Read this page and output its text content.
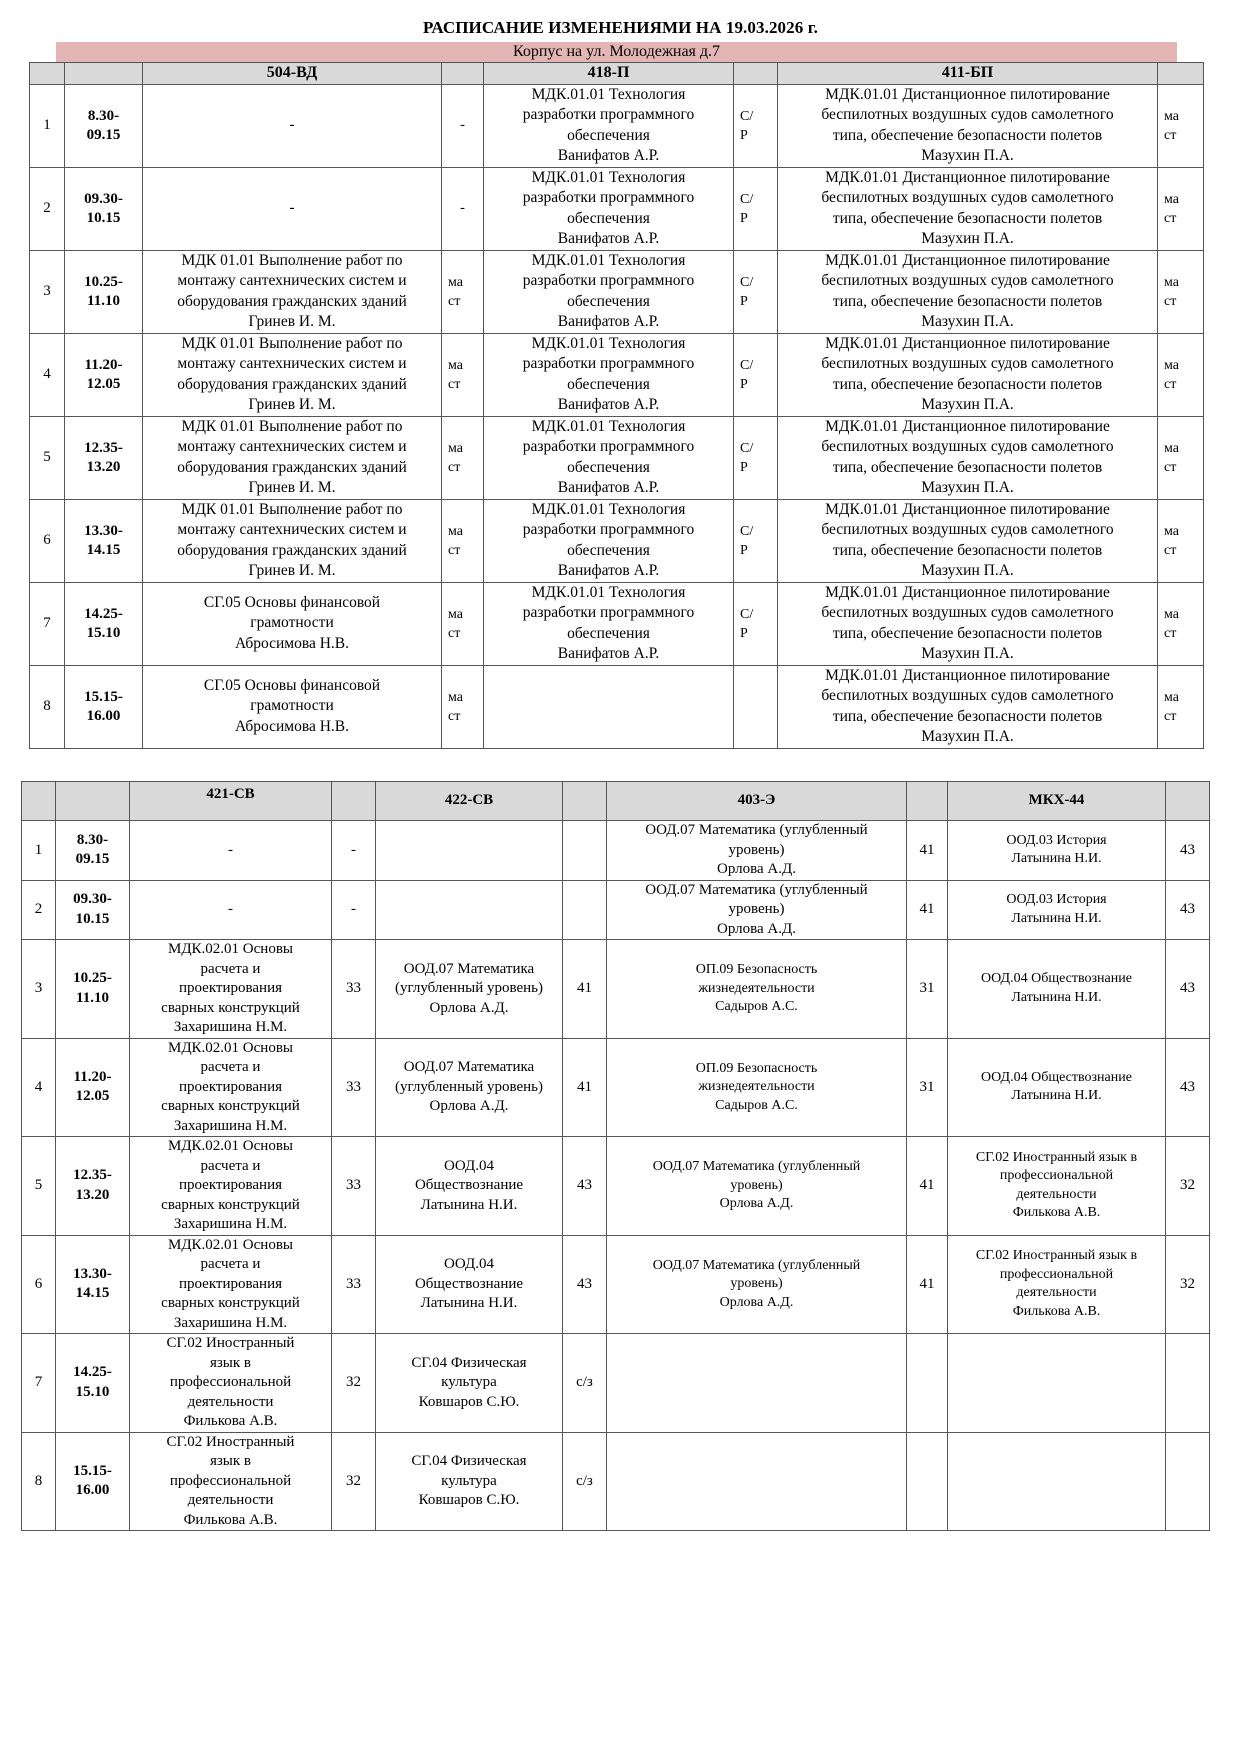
РАСПИСАНИЕ ИЗМЕНЕНИЯМИ НА 19.03.2026 г.
Корпус на ул. Молодежная д.7
		504-ВД		418-П		411-БП	
1	8.30-
09.15	-	-	МДК.01.01 Технология
разработки программного
обеспечения
Ванифатов А.Р.	С/
Р	МДК.01.01 Дистанционное пилотирование
беспилотных воздушных судов самолетного
типа, обеспечение безопасности полетов
Мазухин П.А.	ма
ст
2	09.30-
10.15	-	-	МДК.01.01 Технология
разработки программного
обеспечения
Ванифатов А.Р.	С/
Р	МДК.01.01 Дистанционное пилотирование
беспилотных воздушных судов самолетного
типа, обеспечение безопасности полетов
Мазухин П.А.	ма
ст
3	10.25-
11.10	МДК 01.01 Выполнение работ по
монтажу сантехнических систем и
оборудования гражданских зданий
Гринев И. М.	ма
ст	МДК.01.01 Технология
разработки программного
обеспечения
Ванифатов А.Р.	С/
Р	МДК.01.01 Дистанционное пилотирование
беспилотных воздушных судов самолетного
типа, обеспечение безопасности полетов
Мазухин П.А.	ма
ст
4	11.20-
12.05	МДК 01.01 Выполнение работ по
монтажу сантехнических систем и
оборудования гражданских зданий
Гринев И. М.	ма
ст	МДК.01.01 Технология
разработки программного
обеспечения
Ванифатов А.Р.	С/
Р	МДК.01.01 Дистанционное пилотирование
беспилотных воздушных судов самолетного
типа, обеспечение безопасности полетов
Мазухин П.А.	ма
ст
5	12.35-
13.20	МДК 01.01 Выполнение работ по
монтажу сантехнических систем и
оборудования гражданских зданий
Гринев И. М.	ма
ст	МДК.01.01 Технология
разработки программного
обеспечения
Ванифатов А.Р.	С/
Р	МДК.01.01 Дистанционное пилотирование
беспилотных воздушных судов самолетного
типа, обеспечение безопасности полетов
Мазухин П.А.	ма
ст
6	13.30-
14.15	МДК 01.01 Выполнение работ по
монтажу сантехнических систем и
оборудования гражданских зданий
Гринев И. М.	ма
ст	МДК.01.01 Технология
разработки программного
обеспечения
Ванифатов А.Р.	С/
Р	МДК.01.01 Дистанционное пилотирование
беспилотных воздушных судов самолетного
типа, обеспечение безопасности полетов
Мазухин П.А.	ма
ст
7	14.25-
15.10	СГ.05 Основы финансовой
грамотности
Абросимова Н.В.	ма
ст	МДК.01.01 Технология
разработки программного
обеспечения
Ванифатов А.Р.	С/
Р	МДК.01.01 Дистанционное пилотирование
беспилотных воздушных судов самолетного
типа, обеспечение безопасности полетов
Мазухин П.А.	ма
ст
8	15.15-
16.00	СГ.05 Основы финансовой
грамотности
Абросимова Н.В.	ма
ст			МДК.01.01 Дистанционное пилотирование
беспилотных воздушных судов самолетного
типа, обеспечение безопасности полетов
Мазухин П.А.	ма
ст
		421-СВ		422-СВ		403-Э		МКХ-44	
1	8.30-
09.15	-	-			ООД.07 Математика (углубленный
уровень)
Орлова А.Д.	41	ООД.03 История
Латынина Н.И.	43
2	09.30-
10.15	-	-			ООД.07 Математика (углубленный
уровень)
Орлова А.Д.	41	ООД.03 История
Латынина Н.И.	43
3	10.25-
11.10	МДК.02.01 Основы
расчета и
проектирования
сварных конструкций
Захаришина Н.М.	33	ООД.07 Математика
(углубленный уровень)
Орлова А.Д.	41	ОП.09 Безопасность
жизнедеятельности
Садыров А.С.	31	ООД.04 Обществознание
Латынина Н.И.	43
4	11.20-
12.05	МДК.02.01 Основы
расчета и
проектирования
сварных конструкций
Захаришина Н.М.	33	ООД.07 Математика
(углубленный уровень)
Орлова А.Д.	41	ОП.09 Безопасность
жизнедеятельности
Садыров А.С.	31	ООД.04 Обществознание
Латынина Н.И.	43
5	12.35-
13.20	МДК.02.01 Основы
расчета и
проектирования
сварных конструкций
Захаришина Н.М.	33	ООД.04
Обществознание
Латынина Н.И.	43	ООД.07 Математика (углубленный
уровень)
Орлова А.Д.	41	СГ.02 Иностранный язык в
профессиональной
деятельности
Филькова А.В.	32
6	13.30-
14.15	МДК.02.01 Основы
расчета и
проектирования
сварных конструкций
Захаришина Н.М.	33	ООД.04
Обществознание
Латынина Н.И.	43	ООД.07 Математика (углубленный
уровень)
Орлова А.Д.	41	СГ.02 Иностранный язык в
профессиональной
деятельности
Филькова А.В.	32
7	14.25-
15.10	СГ.02 Иностранный
язык в
профессиональной
деятельности
Филькова А.В.	32	СГ.04 Физическая
культура
Ковшаров С.Ю.	с/з				
8	15.15-
16.00	СГ.02 Иностранный
язык в
профессиональной
деятельности
Филькова А.В.	32	СГ.04 Физическая
культура
Ковшаров С.Ю.	с/з				
